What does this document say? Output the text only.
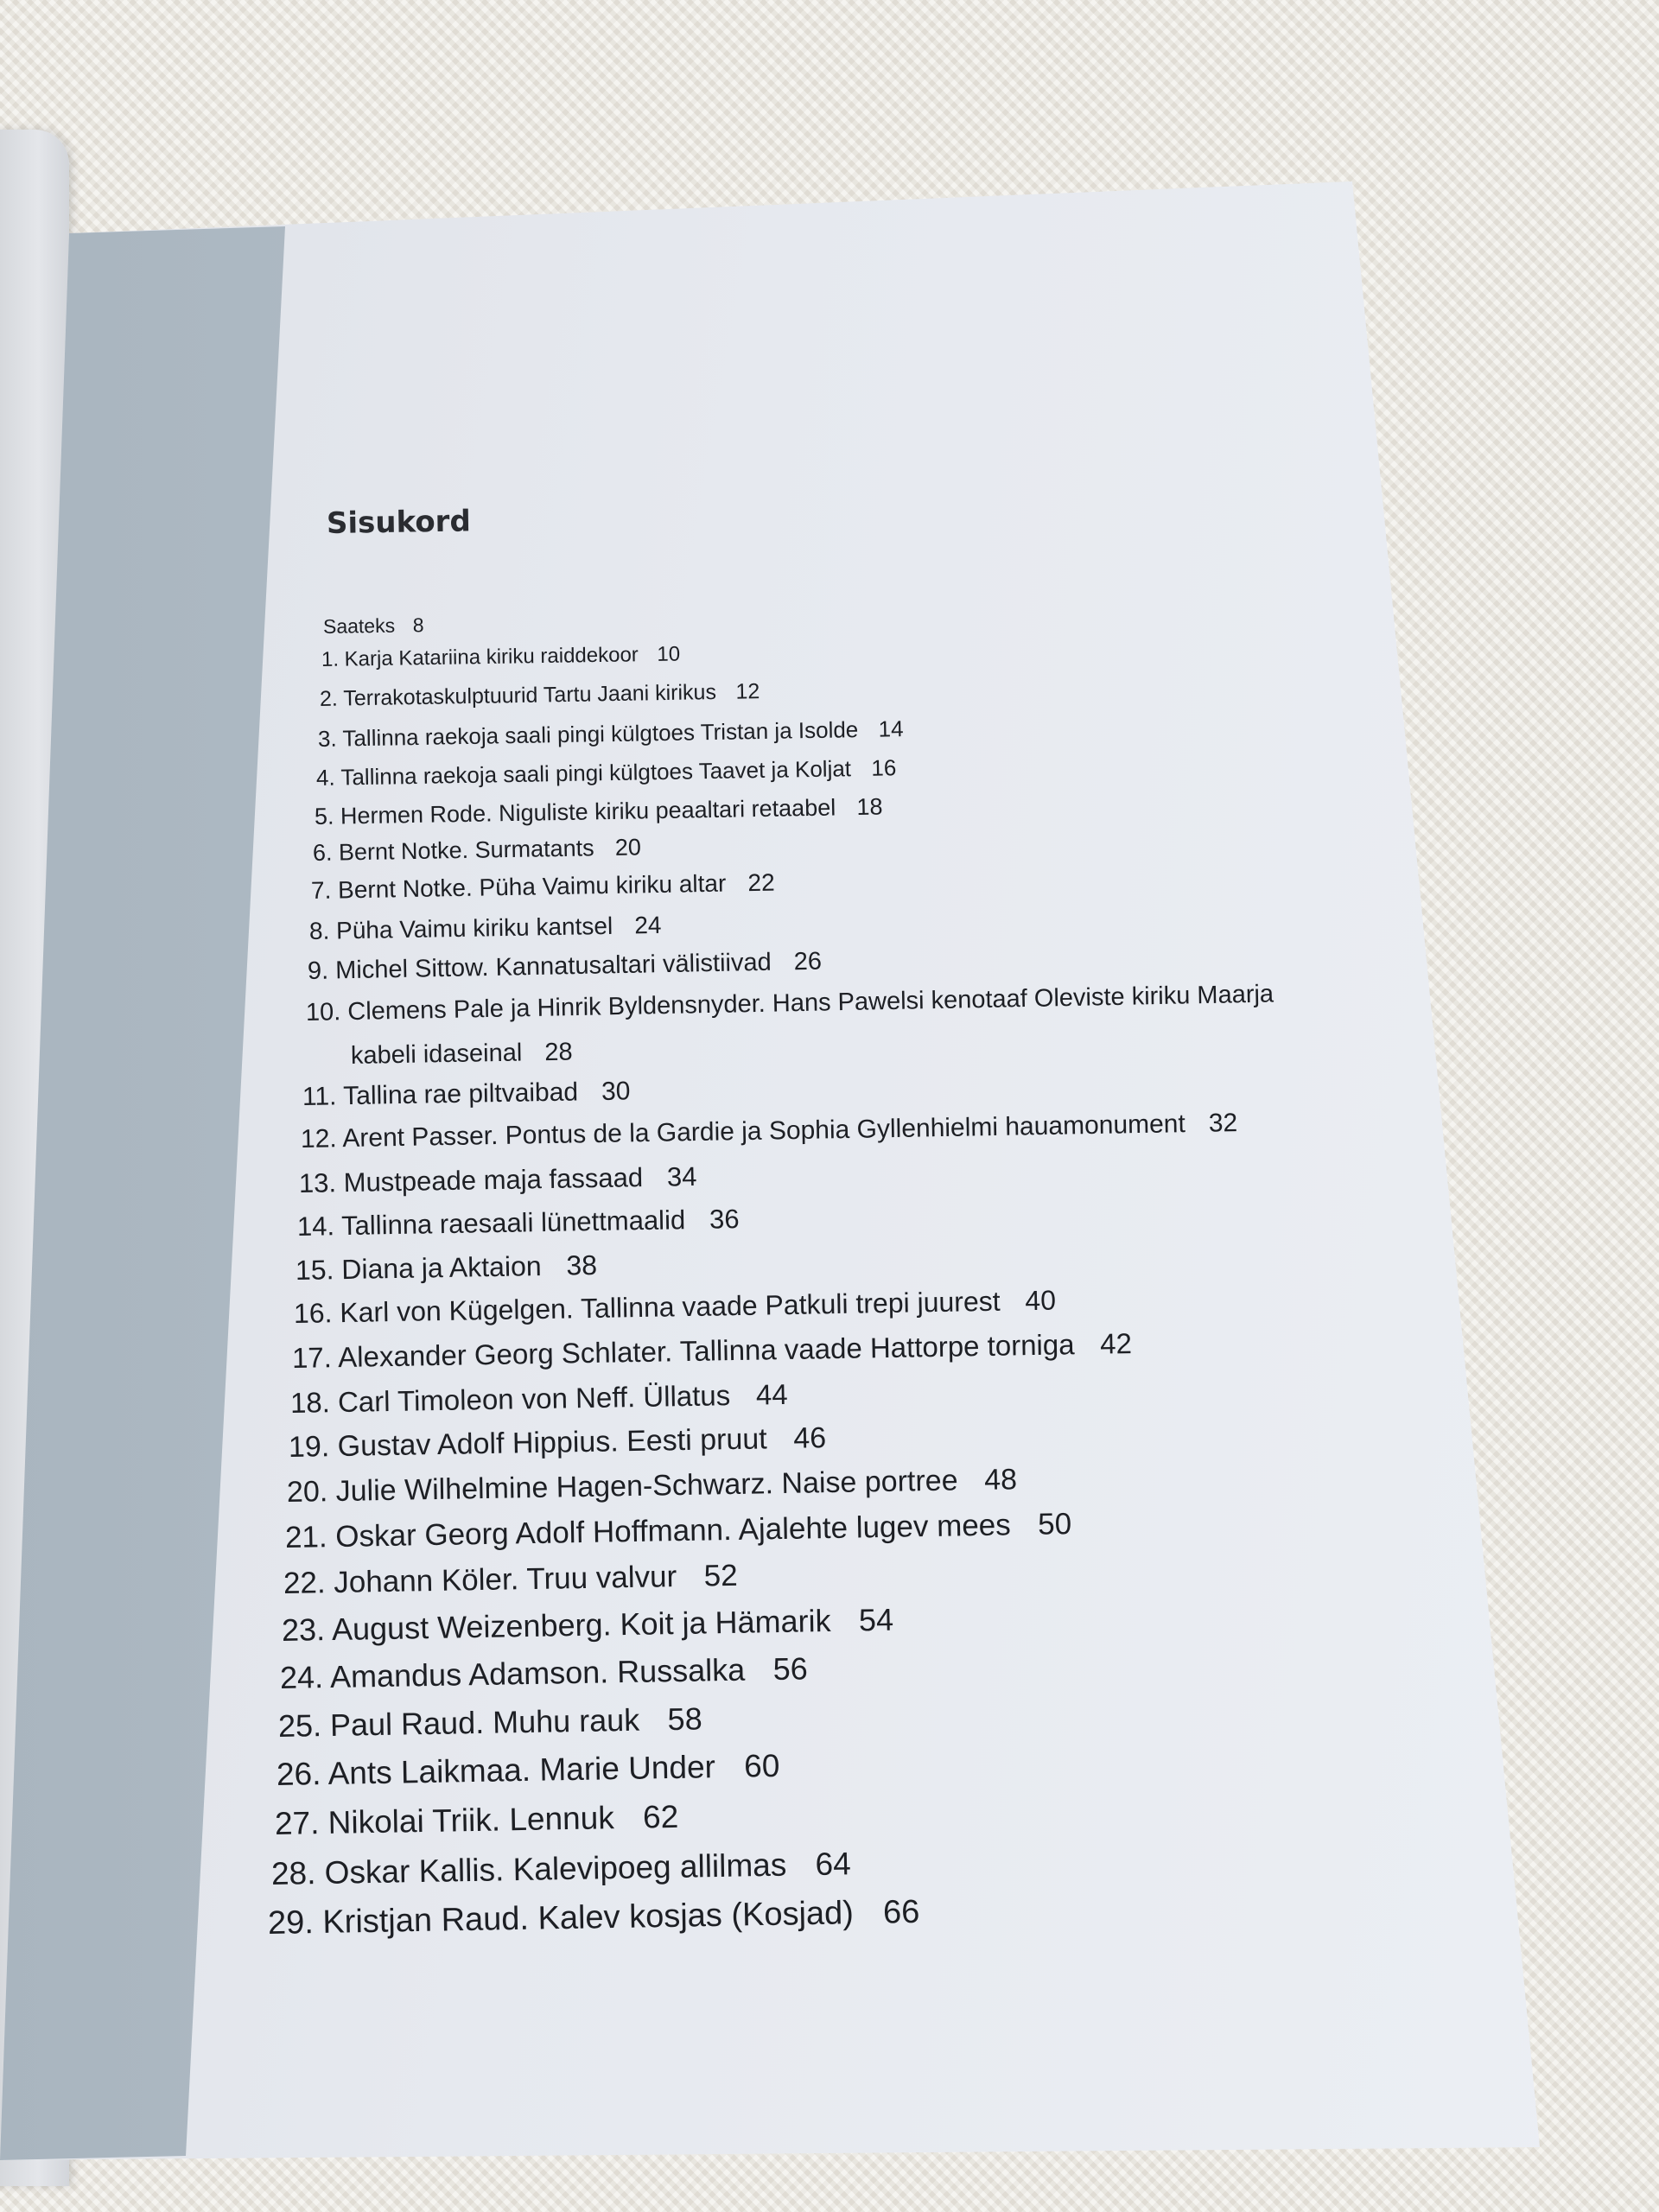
Sisukord
Saateks 8
1. Karja Katariina kiriku raiddekoor 10
2. Terrakotaskulptuurid Tartu Jaani kirikus 12
3. Tallinna raekoja saali pingi külgtoes Tristan ja Isolde 14
4. Tallinna raekoja saali pingi külgtoes Taavet ja Koljat 16
5. Hermen Rode. Niguliste kiriku peaaltari retaabel 18
6. Bernt Notke. Surmatants 20
7. Bernt Notke. Püha Vaimu kiriku altar 22
8. Püha Vaimu kiriku kantsel 24
9. Michel Sittow. Kannatusaltari välistiivad 26
10. Clemens Pale ja Hinrik Byldensnyder. Hans Pawelsi kenotaaf Oleviste kiriku Maarja
kabeli idaseinal 28
11. Tallina rae piltvaibad 30
12. Arent Passer. Pontus de la Gardie ja Sophia Gyllenhielmi hauamonument 32
13. Mustpeade maja fassaad 34
14. Tallinna raesaali lünettmaalid 36
15. Diana ja Aktaion 38
16. Karl von Kügelgen. Tallinna vaade Patkuli trepi juurest 40
17. Alexander Georg Schlater. Tallinna vaade Hattorpe torniga 42
18. Carl Timoleon von Neff. Üllatus 44
19. Gustav Adolf Hippius. Eesti pruut 46
20. Julie Wilhelmine Hagen-Schwarz. Naise portree 48
21. Oskar Georg Adolf Hoffmann. Ajalehte lugev mees 50
22. Johann Köler. Truu valvur 52
23. August Weizenberg. Koit ja Hämarik 54
24. Amandus Adamson. Russalka 56
25. Paul Raud. Muhu rauk 58
26. Ants Laikmaa. Marie Under 60
27. Nikolai Triik. Lennuk 62
28. Oskar Kallis. Kalevipoeg allilmas 64
29. Kristjan Raud. Kalev kosjas (Kosjad) 66
